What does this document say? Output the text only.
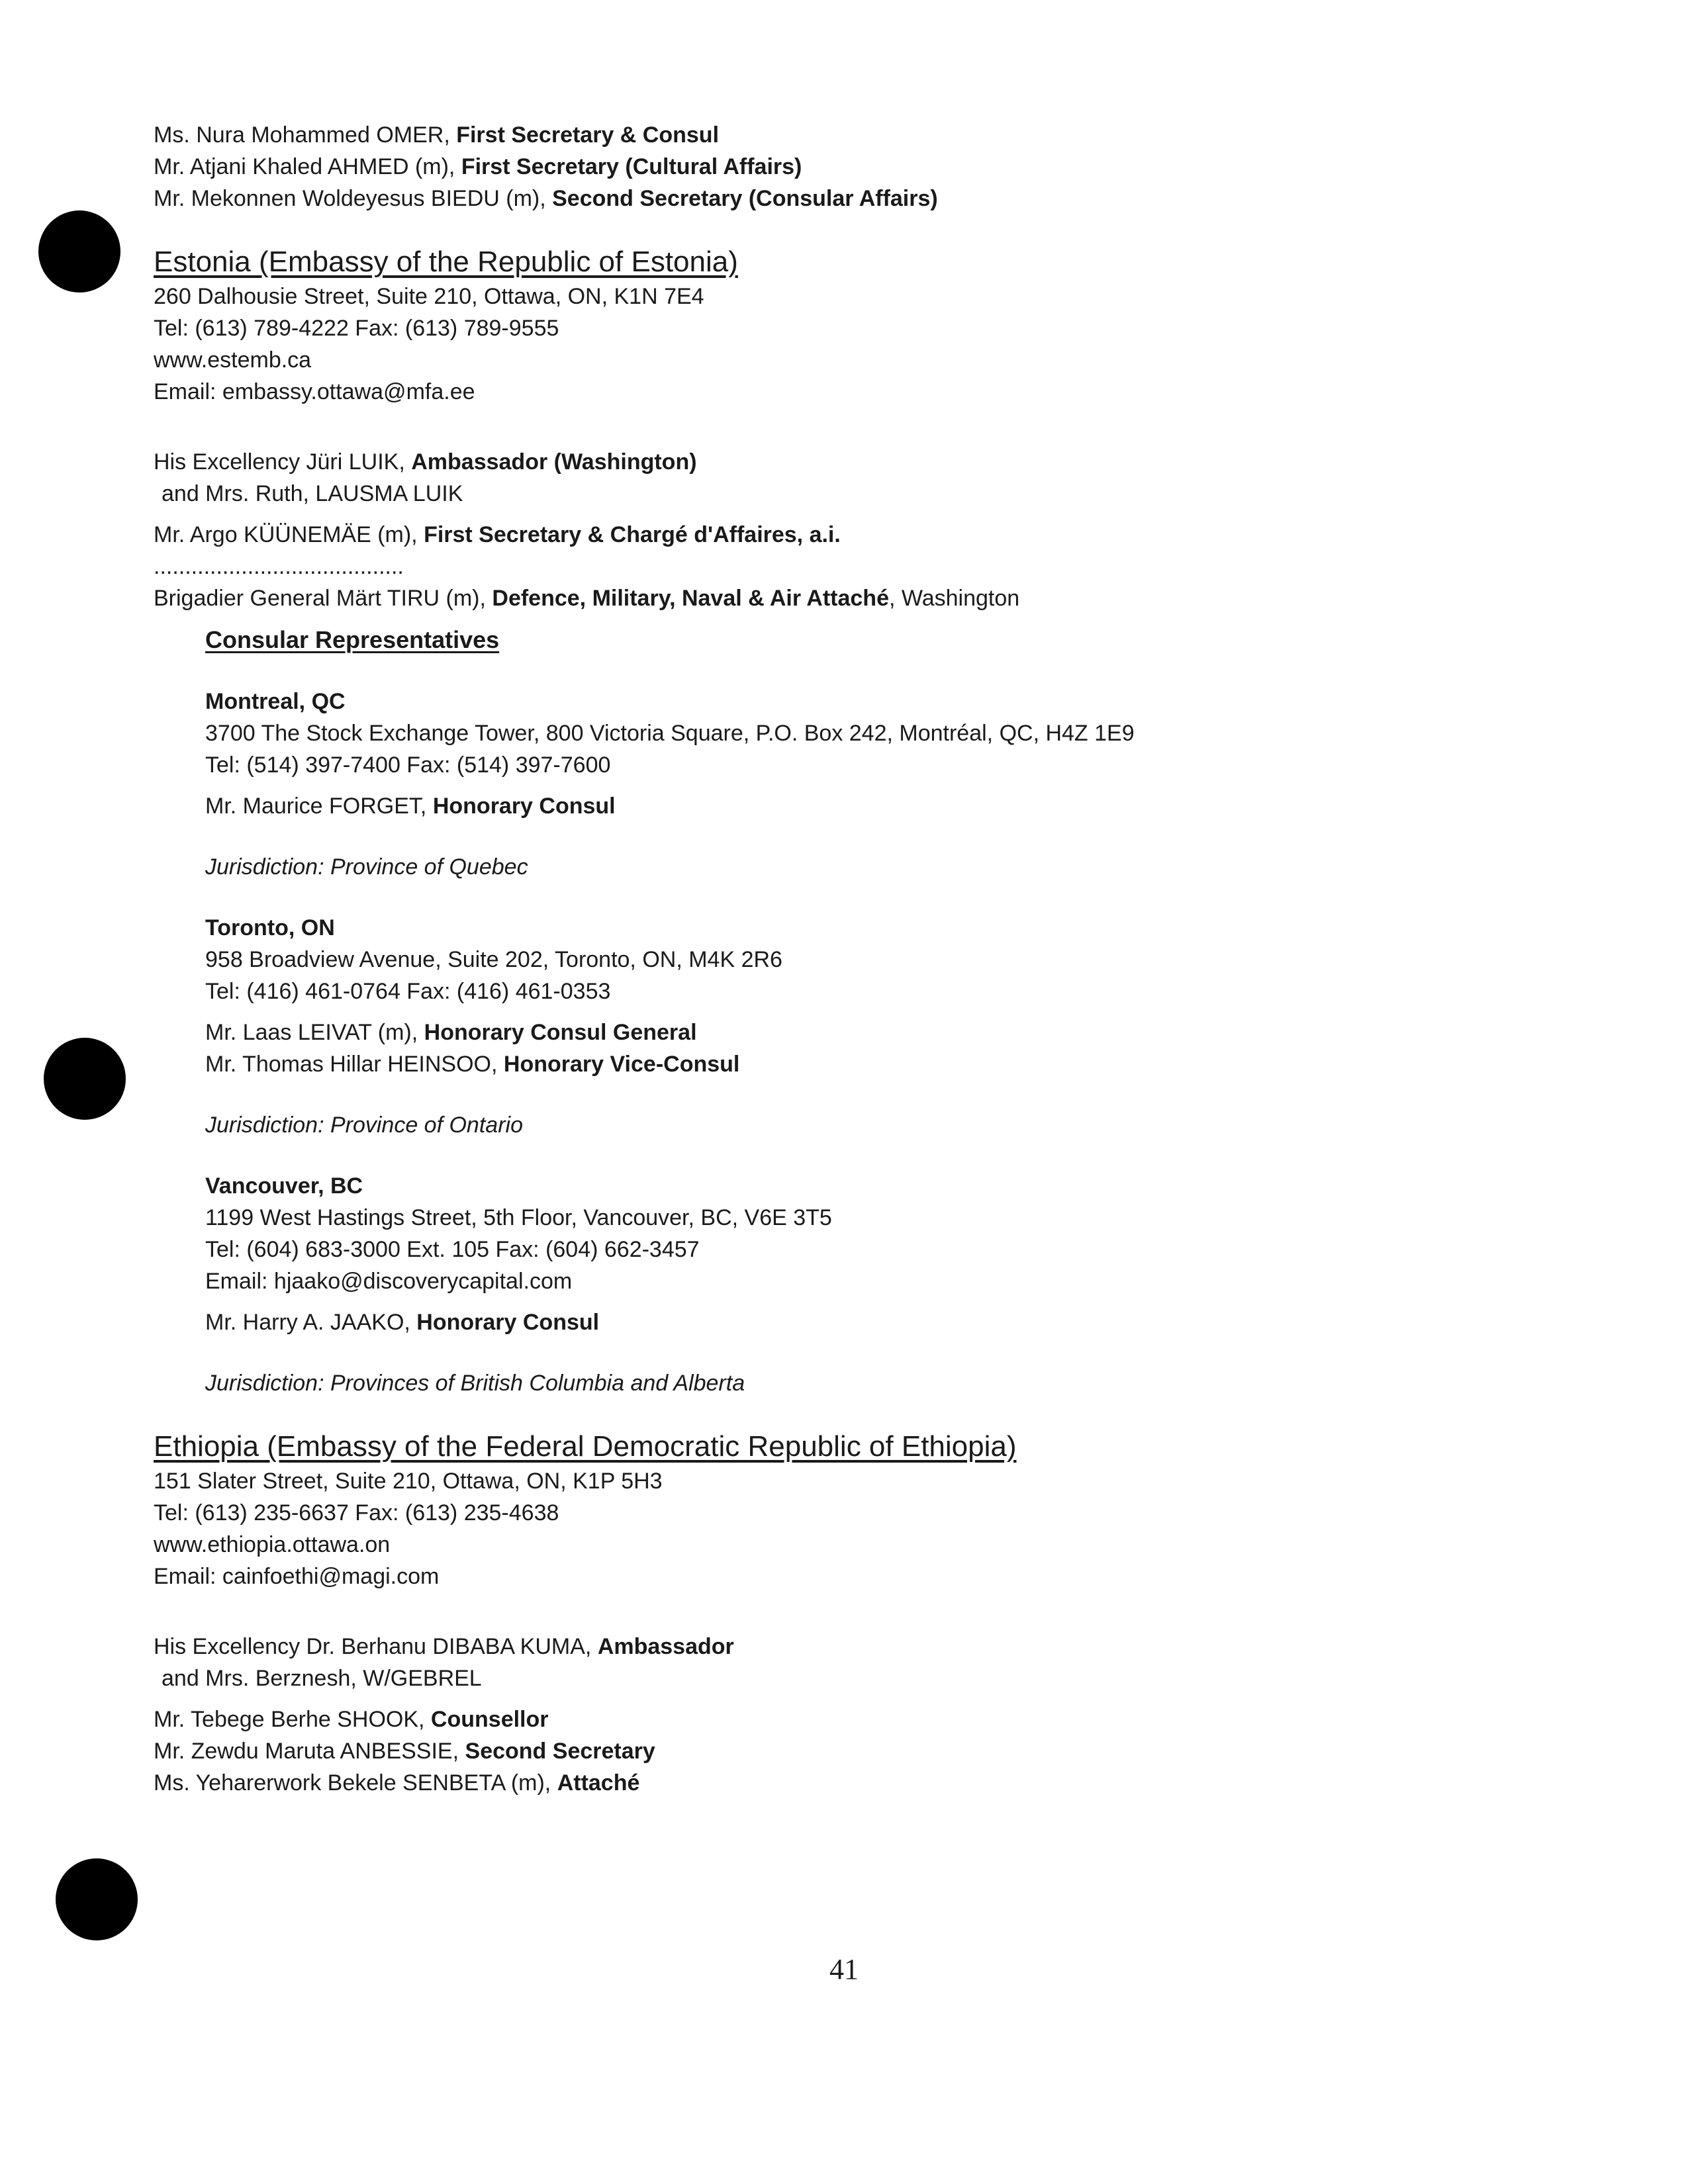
Ms. Nura Mohammed OMER, First Secretary & Consul
Mr. Atjani Khaled AHMED (m), First Secretary (Cultural Affairs)
Mr. Mekonnen Woldeyesus BIEDU (m), Second Secretary (Consular Affairs)
Estonia (Embassy of the Republic of Estonia)
260 Dalhousie Street, Suite 210, Ottawa, ON, K1N 7E4
Tel: (613) 789-4222 Fax: (613) 789-9555
www.estemb.ca
Email: embassy.ottawa@mfa.ee
His Excellency Jüri LUIK, Ambassador (Washington)
and Mrs. Ruth, LAUSMA LUIK
Mr. Argo KÜÜNEMÄE (m), First Secretary & Chargé d'Affaires, a.i.
........................................
Brigadier General Märt TIRU (m), Defence, Military, Naval & Air Attaché, Washington
Consular Representatives
Montreal, QC
3700 The Stock Exchange Tower, 800 Victoria Square, P.O. Box 242, Montréal, QC, H4Z 1E9
Tel: (514) 397-7400 Fax: (514) 397-7600
Mr. Maurice FORGET, Honorary Consul
Jurisdiction: Province of Quebec
Toronto, ON
958 Broadview Avenue, Suite 202, Toronto, ON, M4K 2R6
Tel: (416) 461-0764 Fax: (416) 461-0353
Mr. Laas LEIVAT (m), Honorary Consul General
Mr. Thomas Hillar HEINSOO, Honorary Vice-Consul
Jurisdiction: Province of Ontario
Vancouver, BC
1199 West Hastings Street, 5th Floor, Vancouver, BC, V6E 3T5
Tel: (604) 683-3000 Ext. 105 Fax: (604) 662-3457
Email: hjaako@discoverycapital.com
Mr. Harry A. JAAKO, Honorary Consul
Jurisdiction: Provinces of British Columbia and Alberta
Ethiopia (Embassy of the Federal Democratic Republic of Ethiopia)
151 Slater Street, Suite 210, Ottawa, ON, K1P 5H3
Tel: (613) 235-6637 Fax: (613) 235-4638
www.ethiopia.ottawa.on
Email: cainfoethi@magi.com
His Excellency Dr. Berhanu DIBABA KUMA, Ambassador
and Mrs. Berznesh, W/GEBREL
Mr. Tebege Berhe SHOOK, Counsellor
Mr. Zewdu Maruta ANBESSIE, Second Secretary
Ms. Yeharerwork Bekele SENBETA (m), Attaché
41
